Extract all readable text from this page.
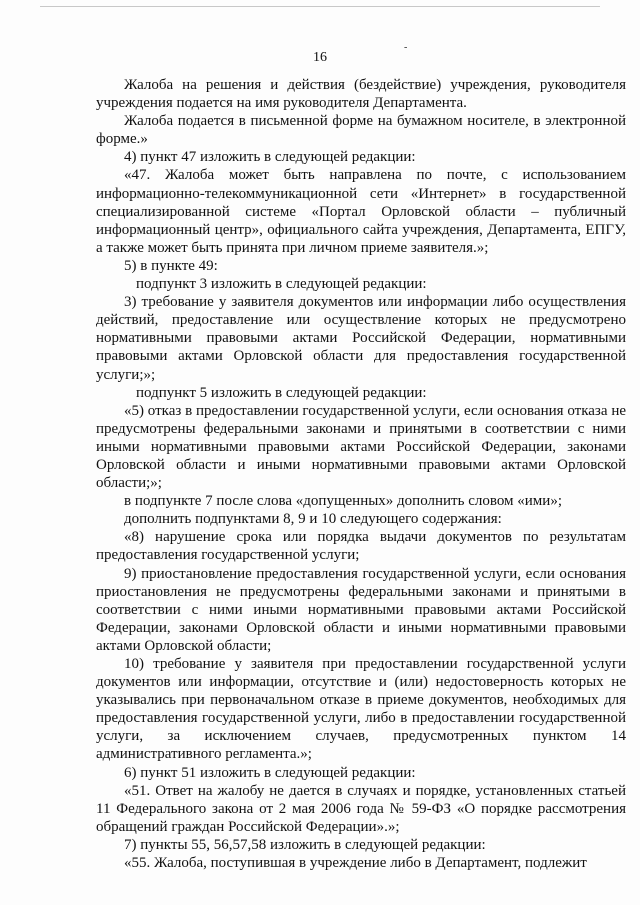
-
16

Жалоба на решения и действия (бездействие) учреждения, руководителя учреждения подается на имя руководителя Департамента.

Жалоба подается в письменной форме на бумажном носителе, в электронной форме.»

4) пункт 47 изложить в следующей редакции:

«47. Жалоба может быть направлена по почте, с использованием информационно-телекоммуникационной сети «Интернет» в государственной специализированной системе «Портал Орловской области – публичный информационный центр», официального сайта учреждения, Департамента, ЕПГУ, а также может быть принята при личном приеме заявителя.»;

5) в пункте 49:

подпункт 3 изложить в следующей редакции:

3) требование у заявителя документов или информации либо осуществления действий, предоставление или осуществление которых не предусмотрено нормативными правовыми актами Российской Федерации, нормативными правовыми актами Орловской области для предоставления государственной услуги;»;

подпункт 5 изложить в следующей редакции:

«5) отказ в предоставлении государственной услуги, если основания отказа не предусмотрены федеральными законами и принятыми в соответствии с ними иными нормативными правовыми актами Российской Федерации, законами Орловской области и иными нормативными правовыми актами Орловской области;»;

в подпункте 7 после слова «допущенных» дополнить словом «ими»;

дополнить подпунктами 8, 9 и 10 следующего содержания:

«8) нарушение срока или порядка выдачи документов по результатам предоставления государственной услуги;

9) приостановление предоставления государственной услуги, если основания приостановления не предусмотрены федеральными законами и принятыми в соответствии с ними иными нормативными правовыми актами Российской Федерации, законами Орловской области и иными нормативными правовыми актами Орловской области;

10) требование у заявителя при предоставлении государственной услуги документов или информации, отсутствие и (или) недостоверность которых не указывались при первоначальном отказе в приеме документов, необходимых для предоставления государственной услуги, либо в предоставлении государственной услуги, за исключением случаев, предусмотренных пунктом 14 административного регламента.»;

6) пункт 51 изложить в следующей редакции:

«51. Ответ на жалобу не дается в случаях и порядке, установленных статьей 11 Федерального закона от 2 мая 2006 года № 59-ФЗ «О порядке рассмотрения обращений граждан Российской Федерации».»;

7) пункты 55, 56,57,58 изложить в следующей редакции:

«55. Жалоба, поступившая в учреждение либо в Департамент, подлежит
